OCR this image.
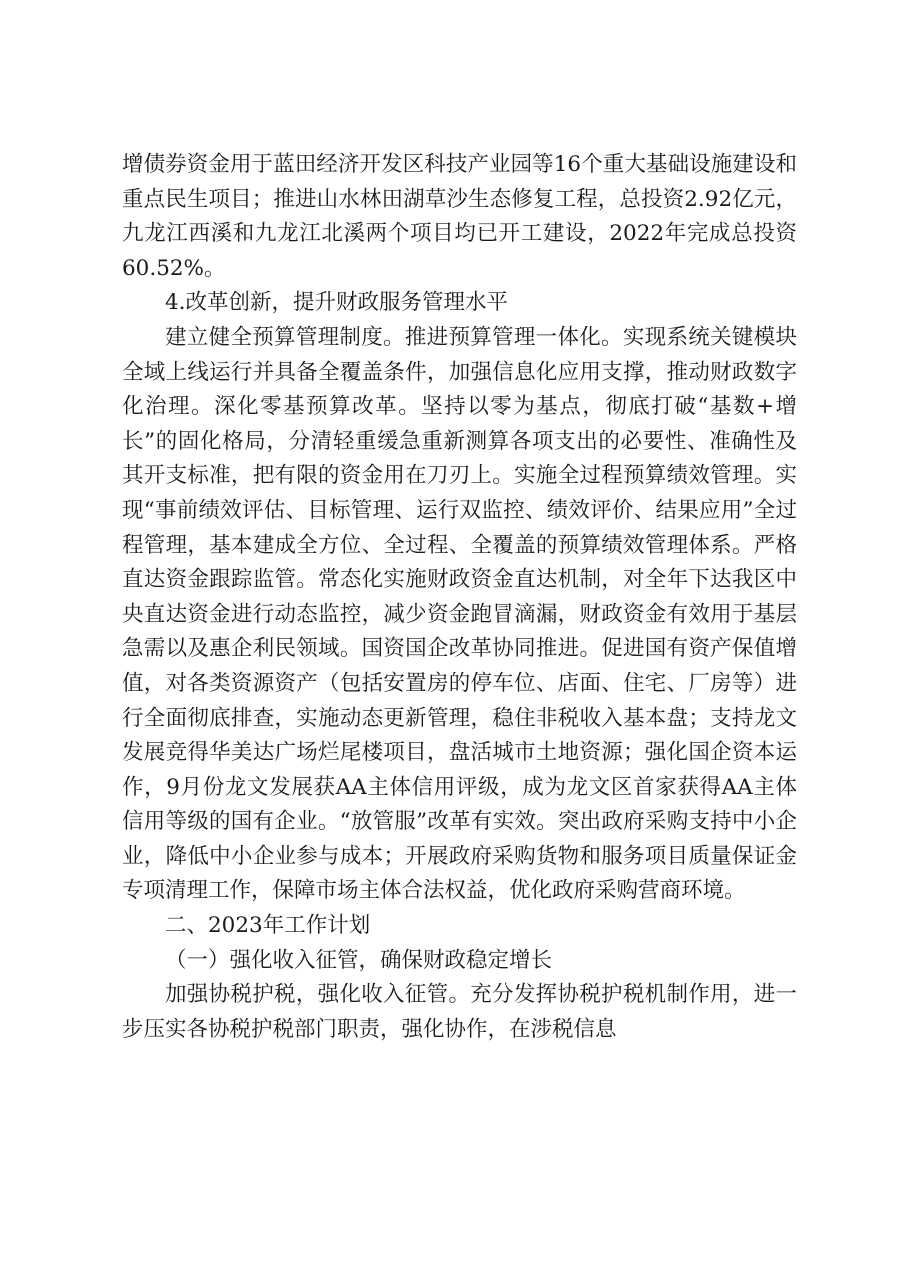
增债券资金用于蓝田经济开发区科技产业园等16个重大基础设施建设和重点民生项目；推进山水林田湖草沙生态修复工程，总投资2.92亿元，九龙江西溪和九龙江北溪两个项目均已开工建设，2022年完成总投资60.52%。

4.改革创新，提升财政服务管理水平

建立健全预算管理制度。推进预算管理一体化。实现系统关键模块全域上线运行并具备全覆盖条件，加强信息化应用支撑，推动财政数字化治理。深化零基预算改革。坚持以零为基点，彻底打破“基数+增长”的固化格局，分清轻重缓急重新测算各项支出的必要性、准确性及其开支标准，把有限的资金用在刀刃上。实施全过程预算绩效管理。实现“事前绩效评估、目标管理、运行双监控、绩效评价、结果应用”全过程管理，基本建成全方位、全过程、全覆盖的预算绩效管理体系。严格直达资金跟踪监管。常态化实施财政资金直达机制，对全年下达我区中央直达资金进行动态监控，减少资金跑冒滴漏，财政资金有效用于基层急需以及惠企利民领域。国资国企改革协同推进。促进国有资产保值增值，对各类资源资产（包括安置房的停车位、店面、住宅、厂房等）进行全面彻底排查，实施动态更新管理，稳住非税收入基本盘；支持龙文发展竞得华美达广场烂尾楼项目，盘活城市土地资源；强化国企资本运作，9月份龙文发展获AA主体信用评级，成为龙文区首家获得AA主体信用等级的国有企业。“放管服”改革有实效。突出政府采购支持中小企业，降低中小企业参与成本；开展政府采购货物和服务项目质量保证金专项清理工作，保障市场主体合法权益，优化政府采购营商环境。

二、2023年工作计划

（一）强化收入征管，确保财政稳定增长

加强协税护税，强化收入征管。充分发挥协税护税机制作用，进一步压实各协税护税部门职责，强化协作，在涉税信息
